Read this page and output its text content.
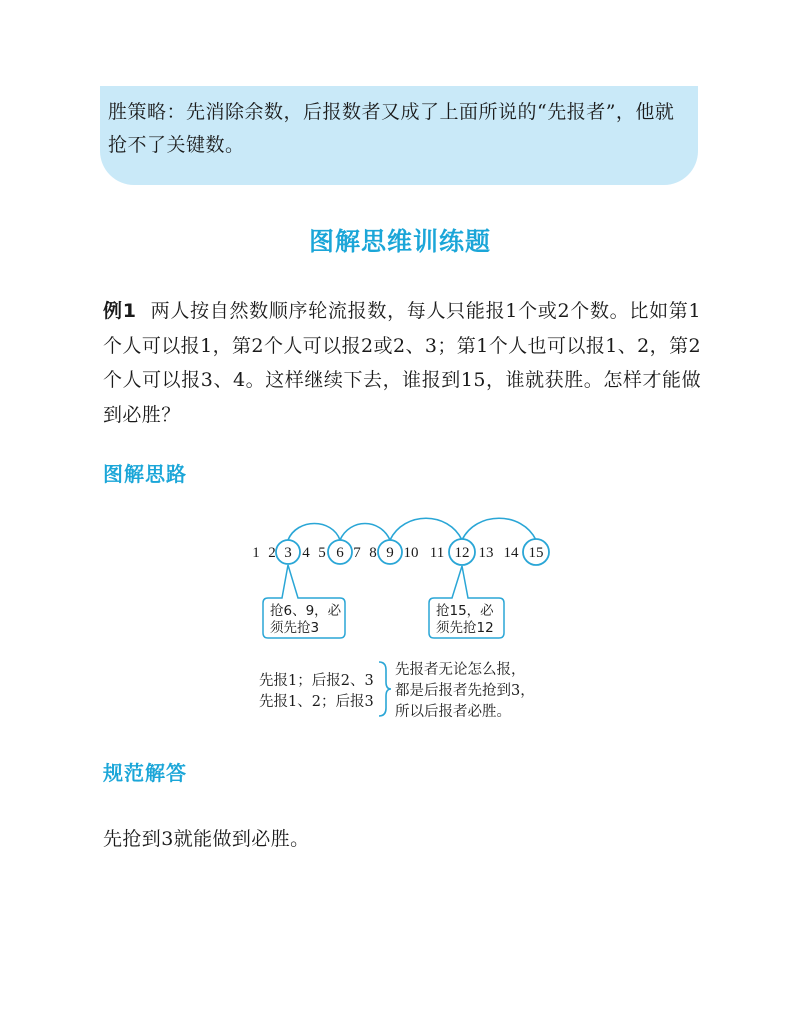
胜策略：先消除余数，后报数者又成了上面所说的“先报者”，他就抢不了关键数。
图解思维训练题
例1 两人按自然数顺序轮流报数，每人只能报1个或2个数。比如第1个人可以报1，第2个人可以报2或2、3；第1个人也可以报1、2，第2个人可以报3、4。这样继续下去，谁报到15，谁就获胜。怎样才能做到必胜？
图解思路
1 2 3 4 5 6 7 8 9 10 11 12 13 14 15
抢6、9，必
须先抢3
抢15，必
须先抢12
先报1；后报2、3
先报1、2；后报3
先报者无论怎么报，
都是后报者先抢到3，
所以后报者必胜。
规范解答
先抢到3就能做到必胜。
